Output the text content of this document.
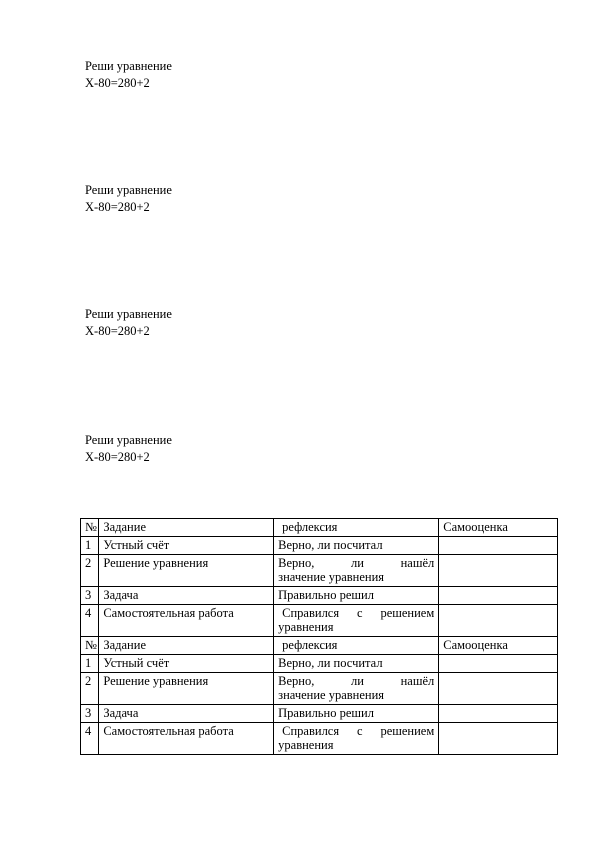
Реши уравнение
X-80=280+2
Реши уравнение
X-80=280+2
Реши уравнение
X-80=280+2
Реши уравнение
X-80=280+2
№	Задание	рефлексия	Самооценка
1	Устный счёт	Верно, ли посчитал	

2	Решение уравнения	Верно, ли нашёл
значение уравнения	

3	Задача	Правильно решил	

4	Самостоятельная работа	Справился с решением
уравнения	

№	Задание	рефлексия	Самооценка
1	Устный счёт	Верно, ли посчитал	

2	Решение уравнения	Верно, ли нашёл
значение уравнения	

3	Задача	Правильно решил	

4	Самостоятельная работа	Справился с решением
уравнения	
